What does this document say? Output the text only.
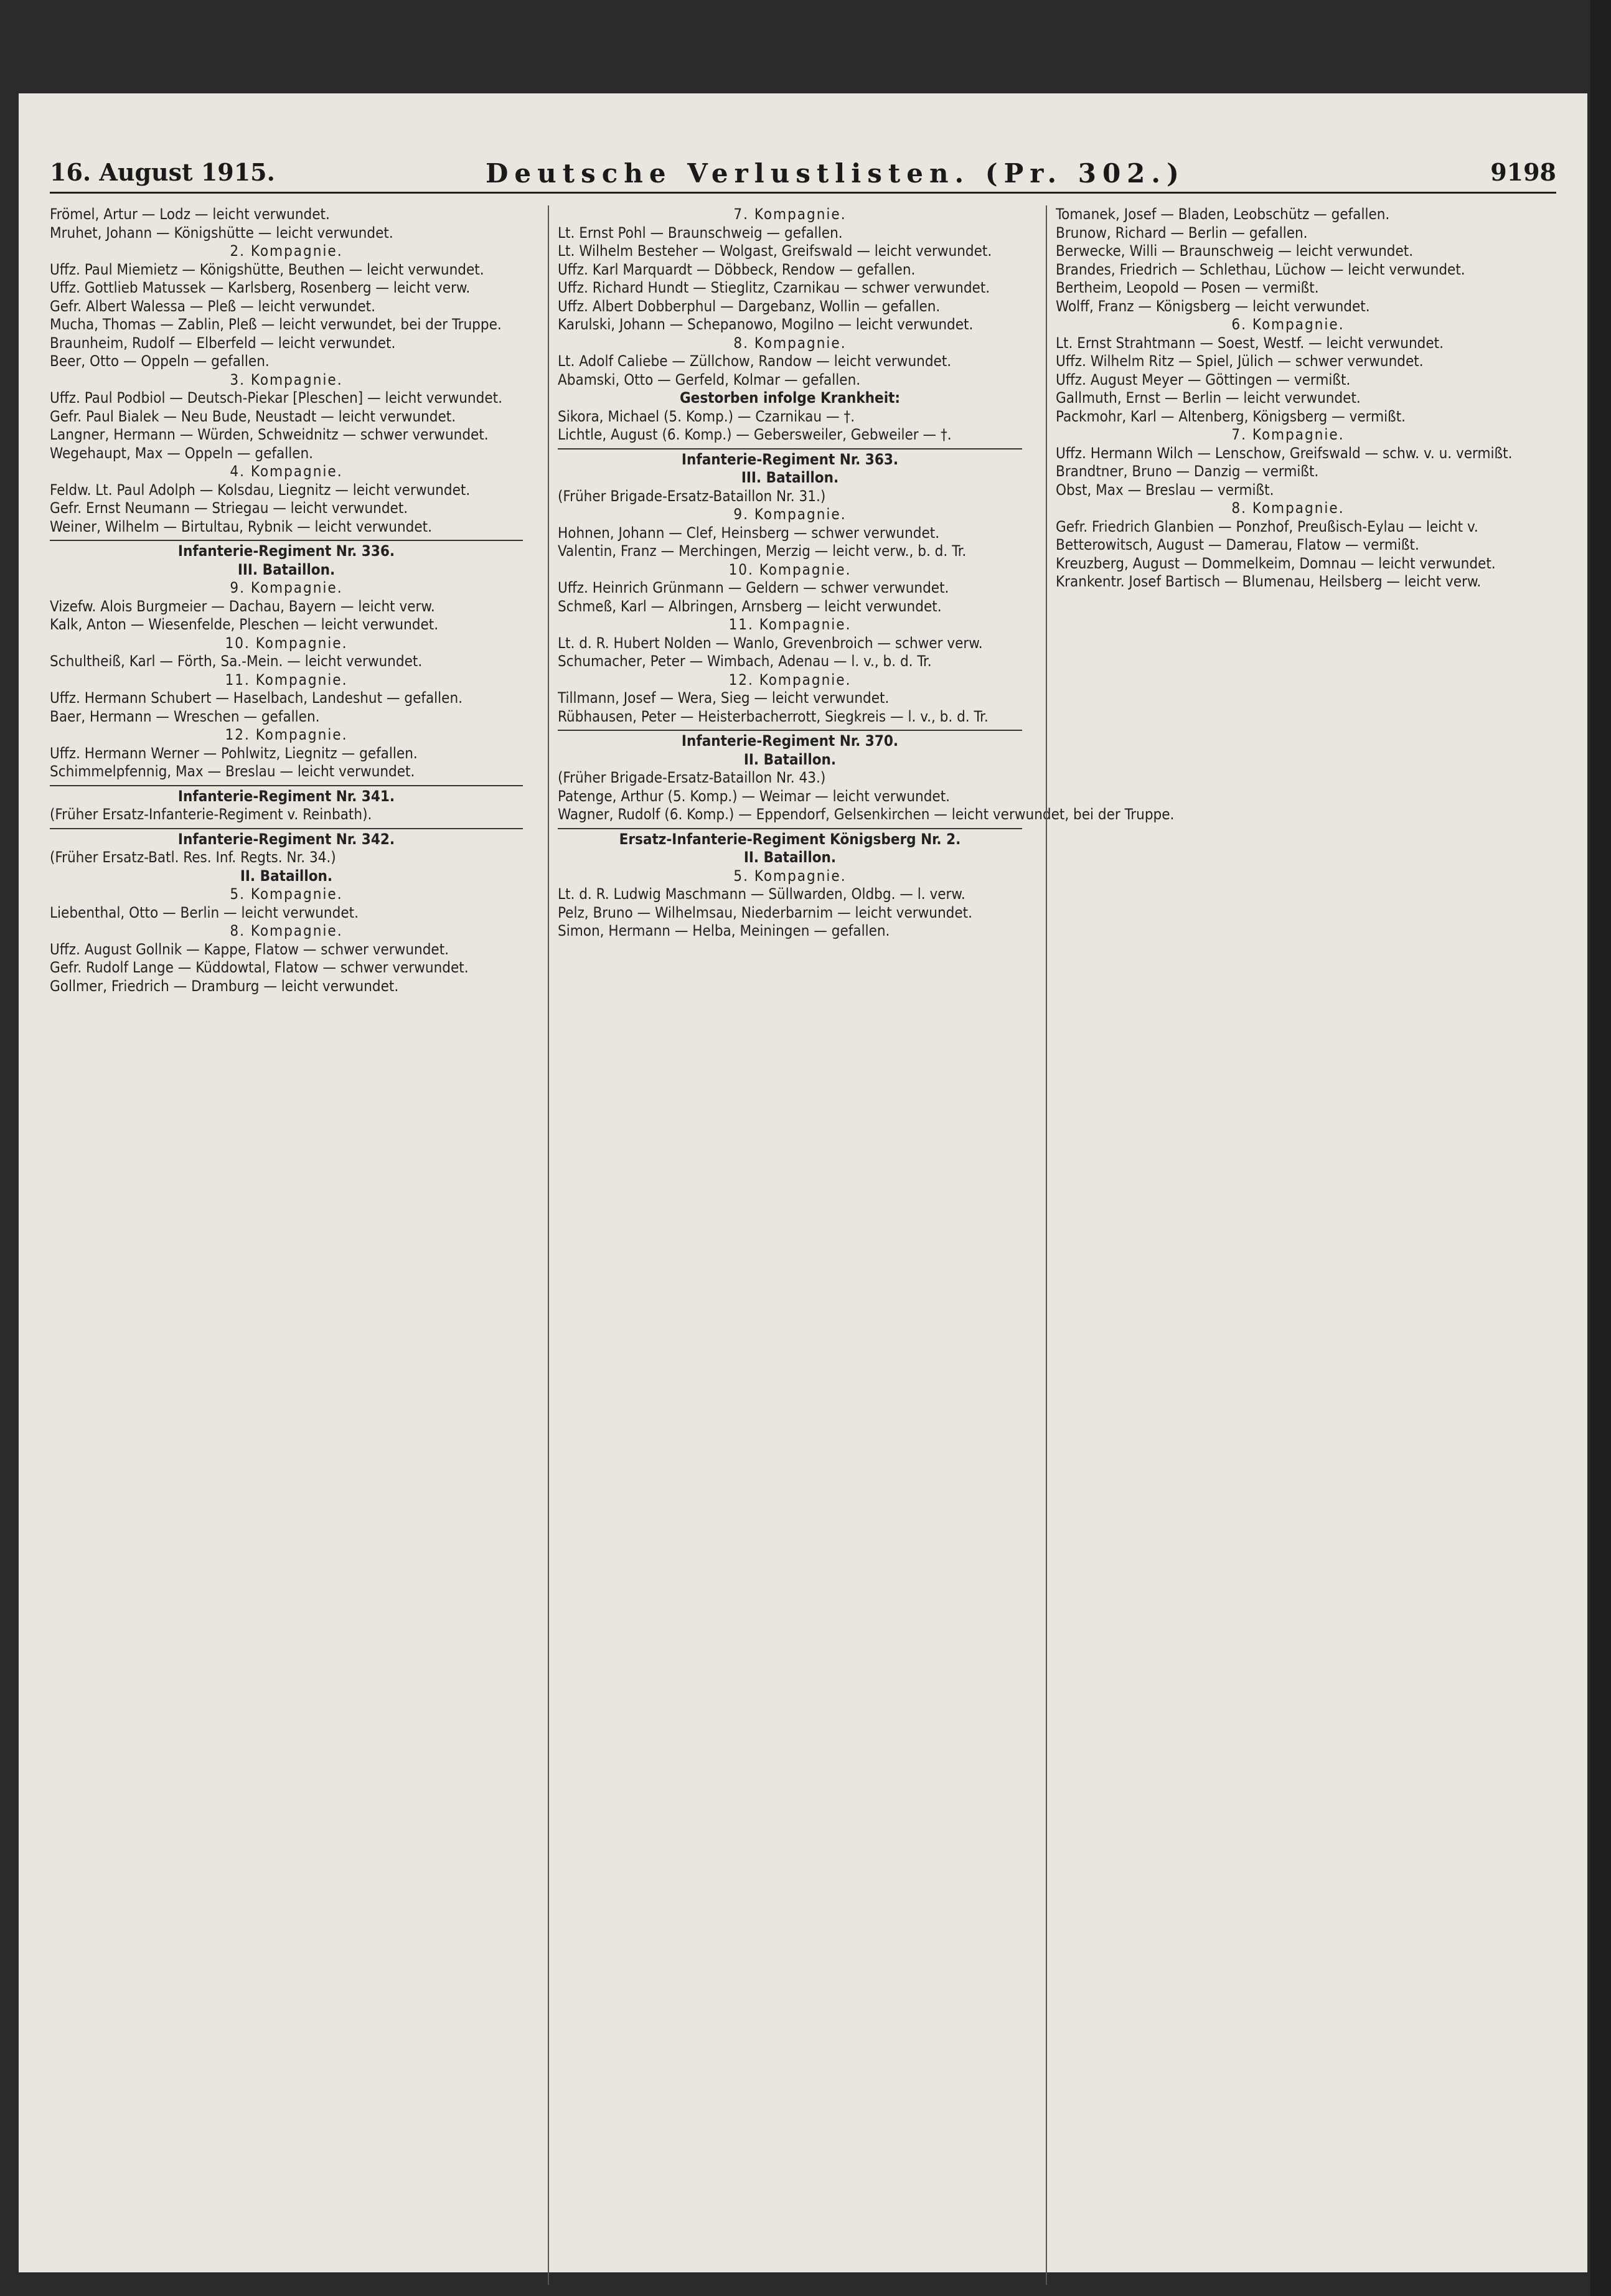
16. August 1915.	Deutsche Verlustlisten. (Pr. 302.)	9198
Frömel, Artur — Lodz — leicht verwundet.
Mruhet, Johann — Königshütte — leicht verwundet.
2. Kompagnie.
Uffz. Paul Miemietz — Königshütte, Beuthen — leicht verwundet.
Uffz. Gottlieb Matussek — Karlsberg, Rosenberg — leicht verw.
Gefr. Albert Walessa — Pleß — leicht verwundet.
Mucha, Thomas — Zablin, Pleß — leicht verwundet, bei der Truppe.
Braunheim, Rudolf — Elberfeld — leicht verwundet.
Beer, Otto — Oppeln — gefallen.
3. Kompagnie.
Uffz. Paul Podbiol — Deutsch-Piekar [Pleschen] — leicht verwundet.
Gefr. Paul Bialek — Neu Bude, Neustadt — leicht verwundet.
Langner, Hermann — Würden, Schweidnitz — schwer verwundet.
Wegehaupt, Max — Oppeln — gefallen.
4. Kompagnie.
Feldw. Lt. Paul Adolph — Kolsdau, Liegnitz — leicht verwundet.
Gefr. Ernst Neumann — Striegau — leicht verwundet.
Weiner, Wilhelm — Birtultau, Rybnik — leicht verwundet.
Infanterie-Regiment Nr. 336.
III. Bataillon.
9. Kompagnie.
Vizefw. Alois Burgmeier — Dachau, Bayern — leicht verw.
Kalk, Anton — Wiesenfelde, Pleschen — leicht verwundet.
10. Kompagnie.
Schultheiß, Karl — Förth, Sa.-Mein. — leicht verwundet.
11. Kompagnie.
Uffz. Hermann Schubert — Haselbach, Landeshut — gefallen.
Baer, Hermann — Wreschen — gefallen.
12. Kompagnie.
Uffz. Hermann Werner — Pohlwitz, Liegnitz — gefallen.
Schimmelpfennig, Max — Breslau — leicht verwundet.
Infanterie-Regiment Nr. 341.
(Früher Ersatz-Infanterie-Regiment v. Reinbath).
Infanterie-Regiment Nr. 342.
(Früher Ersatz-Batl. Res. Inf. Regts. Nr. 34.)
II. Bataillon.
5. Kompagnie.
Liebenthal, Otto — Berlin — leicht verwundet.
8. Kompagnie.
Uffz. August Gollnik — Kappe, Flatow — schwer verwundet.
Gefr. Rudolf Lange — Küddowtal, Flatow — schwer verwundet.
Gollmer, Friedrich — Dramburg — leicht verwundet.
7. Kompagnie.
Lt. Ernst Pohl — Braunschweig — gefallen.
Lt. Wilhelm Besteher — Wolgast, Greifswald — leicht verwundet.
Uffz. Karl Marquardt — Döbbeck, Rendow — gefallen.
Uffz. Richard Hundt — Stieglitz, Czarnikau — schwer verwundet.
Uffz. Albert Dobberphul — Dargebanz, Wollin — gefallen.
Karulski, Johann — Schepanowo, Mogilno — leicht verwundet.
8. Kompagnie.
Lt. Adolf Caliebe — Züllchow, Randow — leicht verwundet.
Abamski, Otto — Gerfeld, Kolmar — gefallen.
Gestorben infolge Krankheit:
Sikora, Michael (5. Komp.) — Czarnikau — †.
Lichtle, August (6. Komp.) — Gebersweiler, Gebweiler — †.
Infanterie-Regiment Nr. 363.
III. Bataillon.
(Früher Brigade-Ersatz-Bataillon Nr. 31.)
9. Kompagnie.
Hohnen, Johann — Clef, Heinsberg — schwer verwundet.
Valentin, Franz — Merchingen, Merzig — leicht verw., b. d. Tr.
10. Kompagnie.
Uffz. Heinrich Grünmann — Geldern — schwer verwundet.
Schmeß, Karl — Albringen, Arnsberg — leicht verwundet.
11. Kompagnie.
Lt. d. R. Hubert Nolden — Wanlo, Grevenbroich — schwer verw.
Schumacher, Peter — Wimbach, Adenau — l. v., b. d. Tr.
12. Kompagnie.
Tillmann, Josef — Wera, Sieg — leicht verwundet.
Rübhausen, Peter — Heisterbacherrott, Siegkreis — l. v., b. d. Tr.
Infanterie-Regiment Nr. 370.
II. Bataillon.
(Früher Brigade-Ersatz-Bataillon Nr. 43.)
Patenge, Arthur (5. Komp.) — Weimar — leicht verwundet.
Wagner, Rudolf (6. Komp.) — Eppendorf, Gelsenkirchen — leicht verwundet, bei der Truppe.
Ersatz-Infanterie-Regiment Königsberg Nr. 2.
II. Bataillon.
5. Kompagnie.
Lt. d. R. Ludwig Maschmann — Süllwarden, Oldbg. — l. verw.
Pelz, Bruno — Wilhelmsau, Niederbarnim — leicht verwundet.
Simon, Hermann — Helba, Meiningen — gefallen.
Tomanek, Josef — Bladen, Leobschütz — gefallen.
Brunow, Richard — Berlin — gefallen.
Berwecke, Willi — Braunschweig — leicht verwundet.
Brandes, Friedrich — Schlethau, Lüchow — leicht verwundet.
Bertheim, Leopold — Posen — vermißt.
Wolff, Franz — Königsberg — leicht verwundet.
6. Kompagnie.
Lt. Ernst Strahtmann — Soest, Westf. — leicht verwundet.
Uffz. Wilhelm Ritz — Spiel, Jülich — schwer verwundet.
Uffz. August Meyer — Göttingen — vermißt.
Gallmuth, Ernst — Berlin — leicht verwundet.
Packmohr, Karl — Altenberg, Königsberg — vermißt.
7. Kompagnie.
Uffz. Hermann Wilch — Lenschow, Greifswald — schw. v. u. vermißt.
Brandtner, Bruno — Danzig — vermißt.
Obst, Max — Breslau — vermißt.
8. Kompagnie.
Gefr. Friedrich Glanbien — Ponzhof, Preußisch-Eylau — leicht v.
Betterowitsch, August — Damerau, Flatow — vermißt.
Kreuzberg, August — Dommelkeim, Domnau — leicht verwundet.
Krankentr. Josef Bartisch — Blumenau, Heilsberg — leicht verw.
